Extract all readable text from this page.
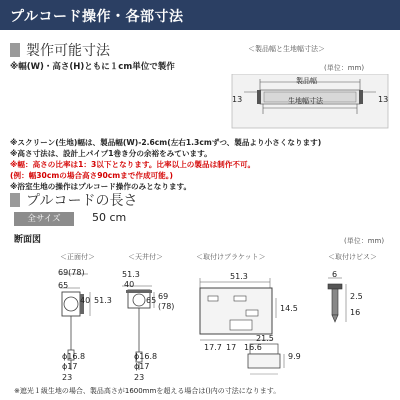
プルコード操作・各部寸法
製作可能寸法
※幅(W)・高さ(H)ともに１cm単位で製作
＜製品幅と生地幅寸法＞
(単位：mm)
製品幅
生地幅寸法
13	13
※スクリーン(生地)幅は、製品幅(W)-2.6cm(左右1.3cmずつ、製品より小さくなります)
※高さ寸法は、設計上パイプ1巻き分の余裕をみています。
※幅：高さの比率は1：3以下となります。比率以上の製品は制作不可。
(例：幅30cmの場合高さ90cmまで作成可能。)
※浴室生地の操作はプルコード操作のみとなります。
プルコードの長さ
全サイズ	50 cm
断面図	(単位：mm)
＜正面付＞
69(78)
65
40 51.3
ϕ16.8
ϕ17
23
＜天井付＞
51.3
40
65 69
(78)
ϕ16.8
ϕ17
23
＜取付けブラケット＞
51.3
14.5
17.7 17 16.6
21.5
9.9
＜取付けビス＞
6
2.5
16
※遮光１級生地の場合、製品高さが1600mmを超える場合は()内の寸法になります。
